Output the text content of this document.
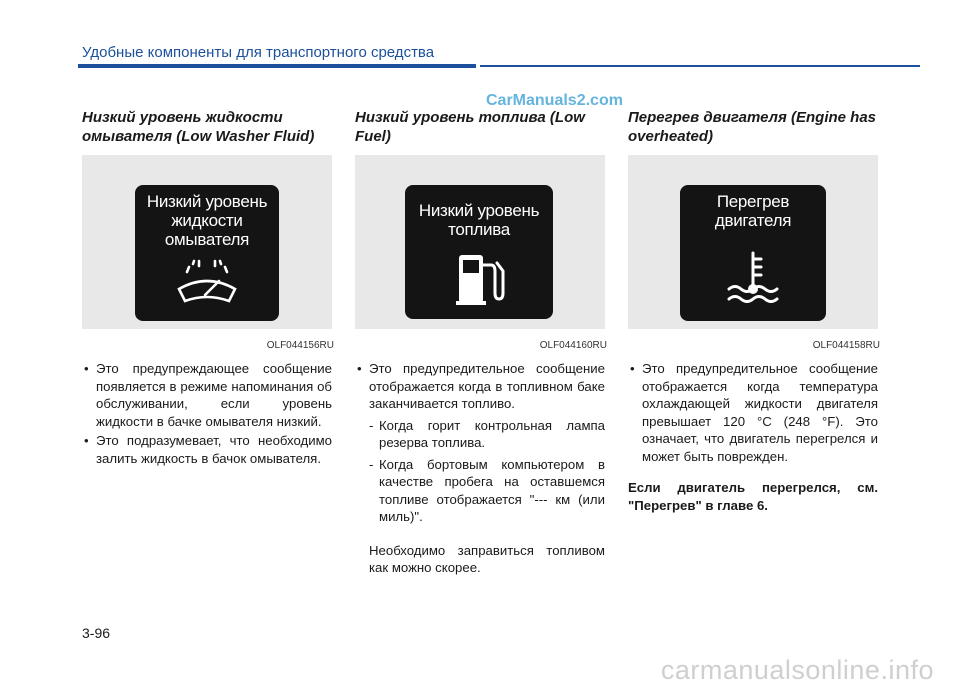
Удобные компоненты для транспортного средства
CarManuals2.com

Низкий уровень жидкости омывателя (Low Washer Fluid)

Низкий уровень жидкости омывателя
OLF044156RU
• Это предупреждающее сообщение появляется в режиме напоминания об обслуживании, если уровень жидкости в бачке омывателя низкий.
• Это подразумевает, что необходимо залить жидкость в бачок омывателя.

Низкий уровень топлива (Low Fuel)

Низкий уровень топлива
OLF044160RU
• Это предупредительное сообщение отображается когда в топливном баке заканчивается топливо.
- Когда горит контрольная лампа резерва топлива.
- Когда бортовым компьютером в качестве пробега на оставшемся топливе отображается "--- км (или миль)".
Необходимо заправиться топливом как можно скорее.

Перегрев двигателя (Engine has overheated)

Перегрев двигателя
OLF044158RU
• Это предупредительное сообщение отображается когда температура охлаждающей жидкости двигателя превышает 120 °C (248 °F). Это означает, что двигатель перегрелся и может быть поврежден.
Если двигатель перегрелся, см. "Перегрев" в главе 6.
3-96
carmanualsonline.info
